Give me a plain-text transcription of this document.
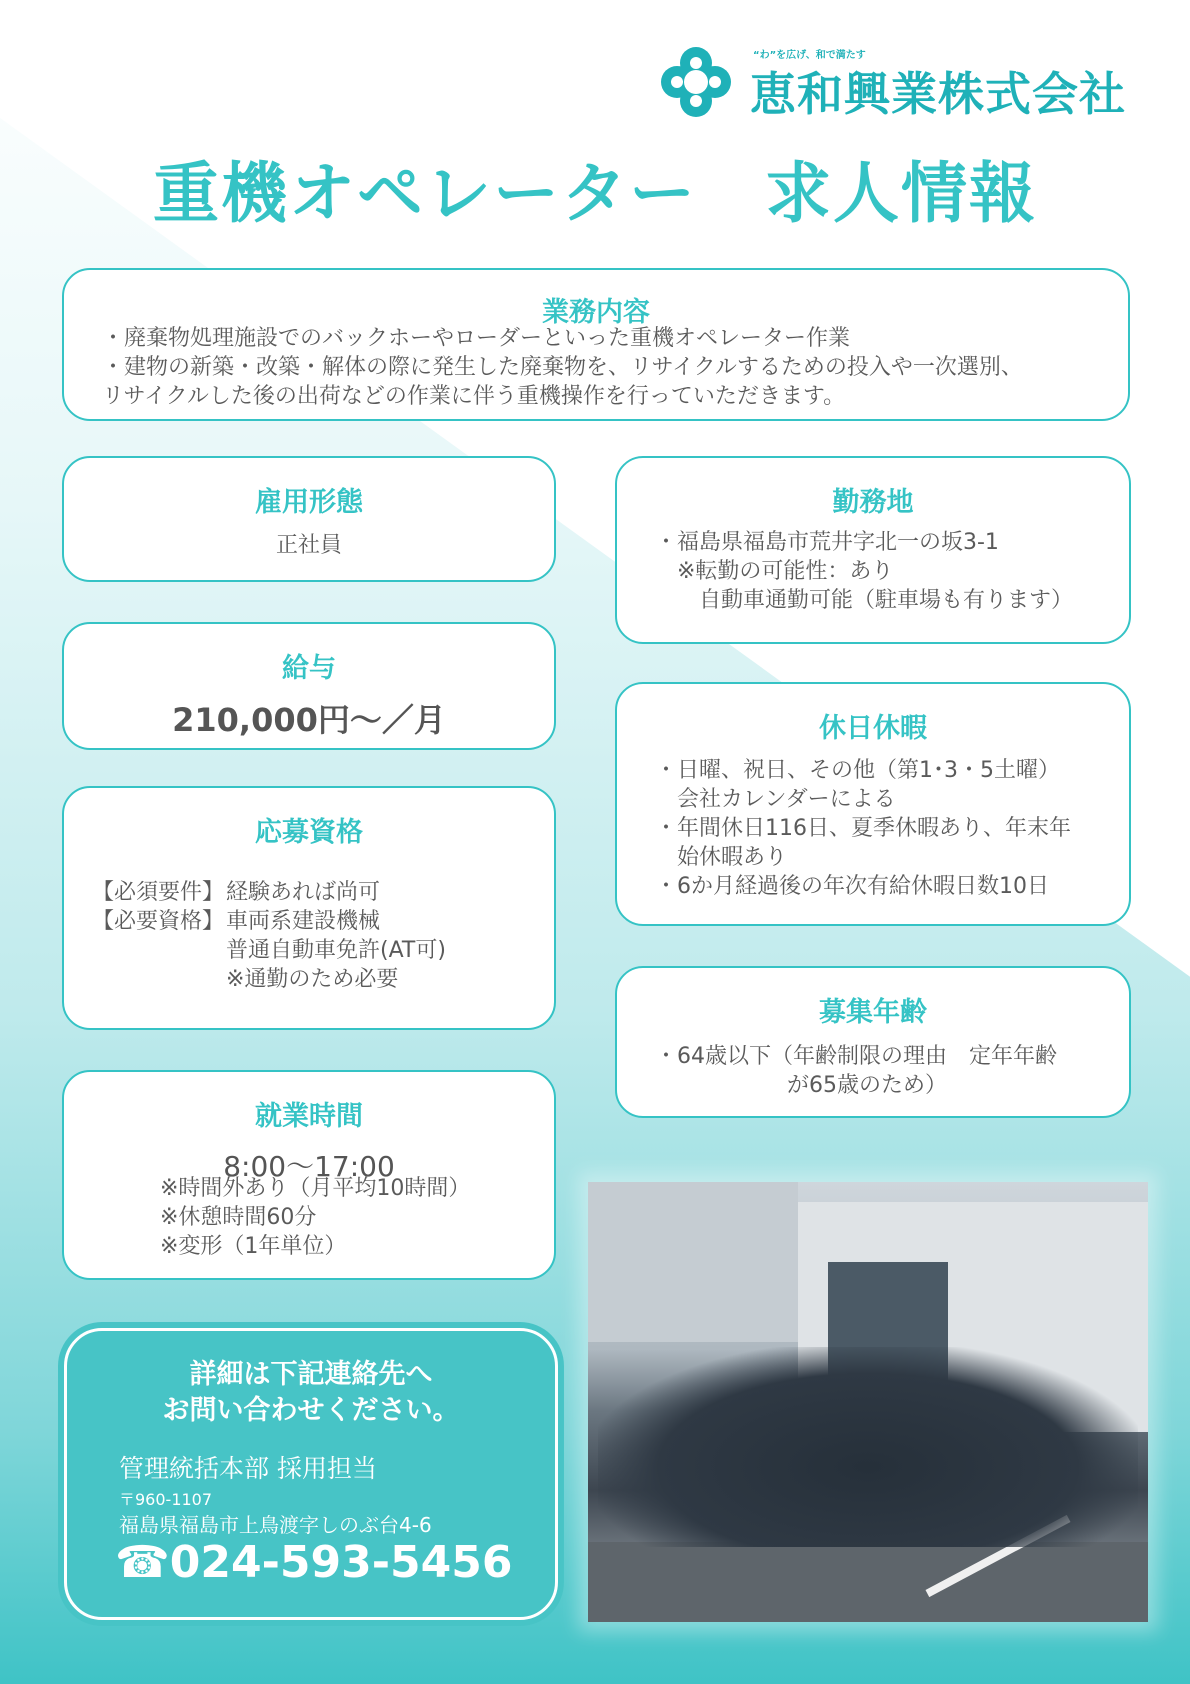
“わ”を広げ、和で満たす
恵和興業株式会社
重機オペレーター　求人情報
業務内容
・廃棄物処理施設でのバックホーやローダーといった重機オペレーター作業
・建物の新築・改築・解体の際に発生した廃棄物を、リサイクルするための投入や一次選別、
リサイクルした後の出荷などの作業に伴う重機操作を行っていただきます。
雇用形態
正社員
給与
210,000円～／月
応募資格
【必須要件】 経験あれば尚可
【必要資格】 車両系建設機械
普通自動車免許(AT可)
※通勤のため必要
就業時間
8:00～17:00
※時間外あり（月平均10時間）
※休憩時間60分
※変形（1年単位）
勤務地
・福島県福島市荒井字北一の坂3-1
　※転勤の可能性：あり
　　自動車通勤可能（駐車場も有ります）
休日休暇
・日曜、祝日、その他（第1･3・5土曜）
　会社カレンダーによる
・年間休日116日、夏季休暇あり、年末年
　始休暇あり
・6か月経過後の年次有給休暇日数10日
募集年齢
・64歳以下（年齢制限の理由　定年年齢
　　　　　　が65歳のため）
詳細は下記連絡先へ
お問い合わせください。
管理統括本部 採用担当
〒960-1107
福島県福島市上鳥渡字しのぶ台4-6
☎024-593-5456
